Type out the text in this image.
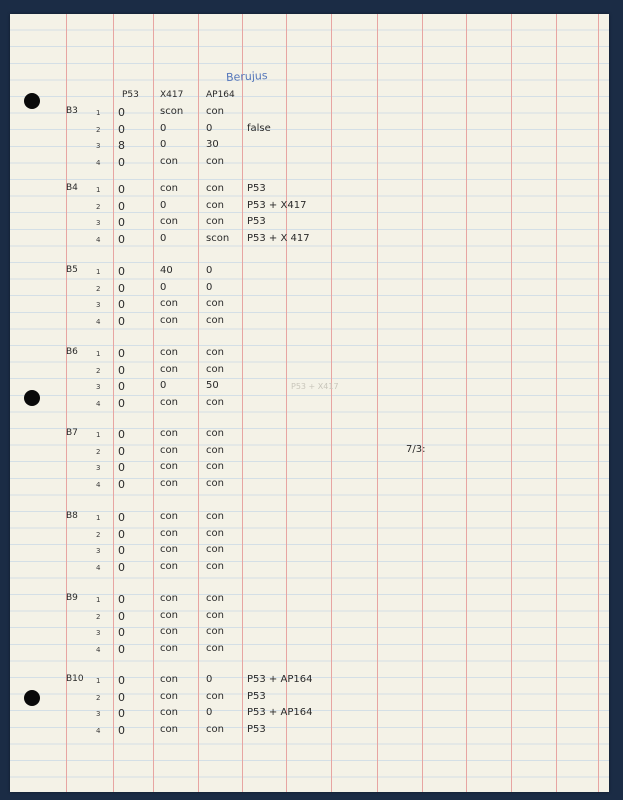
Berujus
P53 X417	AP164
7/3:
P53 + X417
B3	1 0	scon con
2 0	0	0	false
3 8	0	30
4 0	con	con
B4	1 0	con	con P53
2 0	0	con P53 + X417
3 0	con	con P53
4 0	0	scon P53 + X 417
B5	1 0	40	0
2 0	0	0
3 0	con	con
4 0	con	con
B6	1 0	con	con
2 0	con	con
3 0	0	50
4 0	con	con
B7	1 0	con	con
2 0	con	con
3 0	con	con
4 0	con	con
B8	1 0	con	con
2 0	con	con
3 0	con	con
4 0	con	con
B9	1 0	con	con
2 0	con	con
3 0	con	con
4 0	con	con
B10 1 0	con	0	P53 + AP164
2 0	con	con P53
3 0	con	0	P53 + AP164
4 0	con	con P53
